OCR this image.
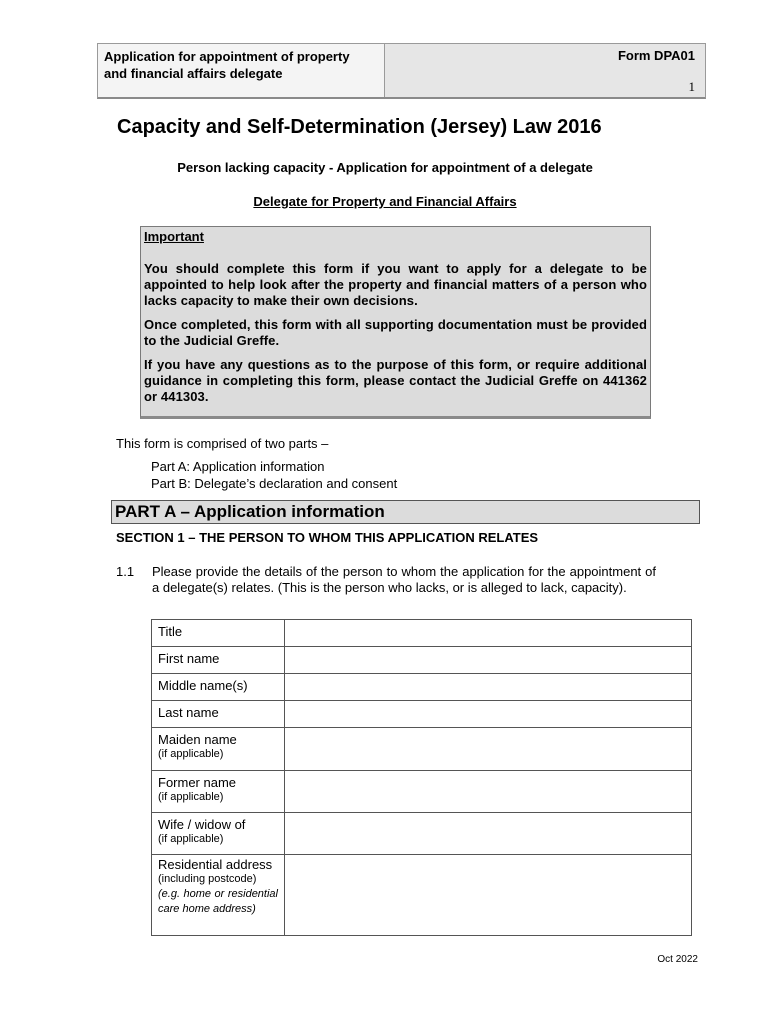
Application for appointment of property
and financial affairs delegate
Form DPA01
1
Capacity and Self-Determination (Jersey) Law 2016
Person lacking capacity - Application for appointment of a delegate
Delegate for Property and Financial Affairs
Important

You should complete this form if you want to apply for a delegate to be appointed to help look after the property and financial matters of a person who lacks capacity to make their own decisions.

Once completed, this form with all supporting documentation must be provided to the Judicial Greffe.

If you have any questions as to the purpose of this form, or require additional guidance in completing this form, please contact the Judicial Greffe on 441362 or 441303.

This form is comprised of two parts –
Part A: Application information
Part B: Delegate’s declaration and consent
PART A – Application information
SECTION 1 – THE PERSON TO WHOM THIS APPLICATION RELATES
1.1 Please provide the details of the person to whom the application for the appointment of a delegate(s) relates. (This is the person who lacks, or is alleged to lack, capacity).
Title	
First name	
Middle name(s)	
Last name	

Maiden name
(if applicable)	

Former name
(if applicable)	

Wife / widow of
(if applicable)	

Residential address
(including postcode)
(e.g. home or residential care home address)	

Oct 2022
